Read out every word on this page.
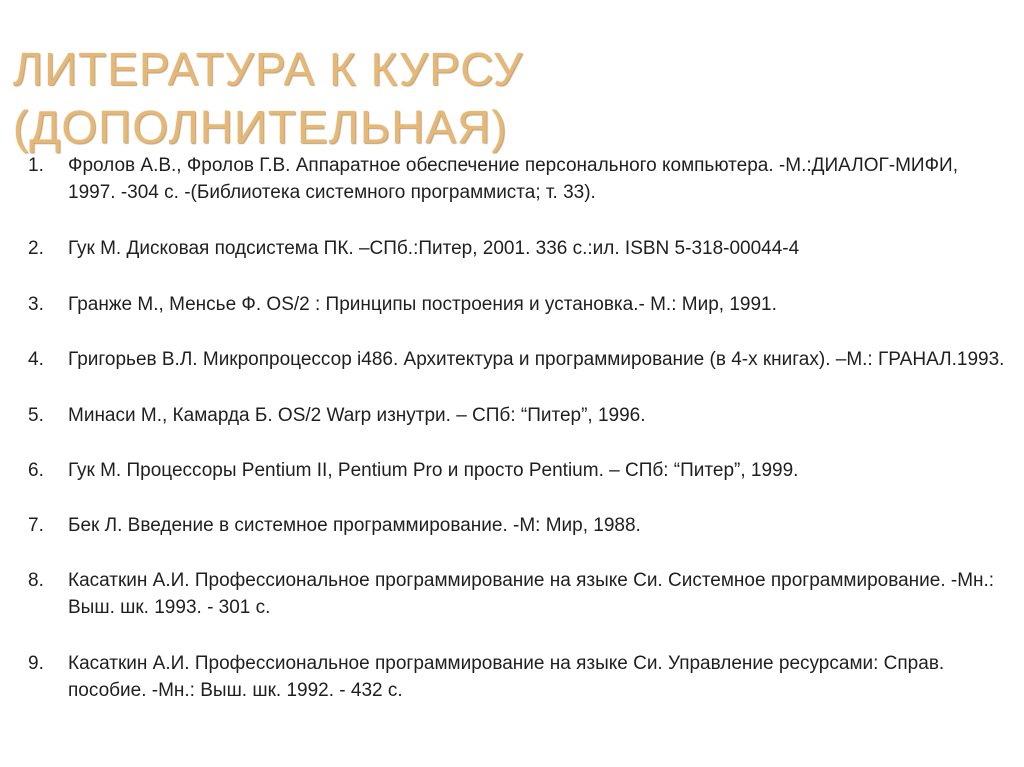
ЛИТЕРАТУРА К КУРСУ
(ДОПОЛНИТЕЛЬНАЯ)
1.	Фролов А.В., Фролов Г.В. Аппаратное обеспечение персонального компьютера. -М.:ДИАЛОГ-МИФИ, 1997. -304 с. -(Библиотека системного программиста; т. 33).
2.	Гук М. Дисковая подсистема ПК. –СПб.:Питер, 2001. 336 с.:ил. ISBN 5-318-00044-4
3.	Гранже М., Менсье Ф. OS/2 : Принципы построения и установка.- М.: Мир, 1991.
4.	Григорьев В.Л. Микропроцессор i486. Архитектура и программирование (в 4-х книгах). –М.: ГРАНАЛ.1993.
5.	Минаси М., Камарда Б. OS/2 Warp изнутри. – СПб: “Питер”, 1996.
6.	Гук М. Процессоры Pentium II, Pentium Pro и просто Pentium. – СПб: “Питер”, 1999.
7.	Бек Л. Введение в системное программирование. -М: Мир, 1988.
8.	Касаткин А.И. Профессиональное программирование на языке Си. Системное программирование. -Мн.: Выш. шк. 1993. - 301 с.
9.	Касаткин А.И. Профессиональное программирование на языке Си. Управление ресурсами: Справ. пособие. -Мн.: Выш. шк. 1992. - 432 с.
